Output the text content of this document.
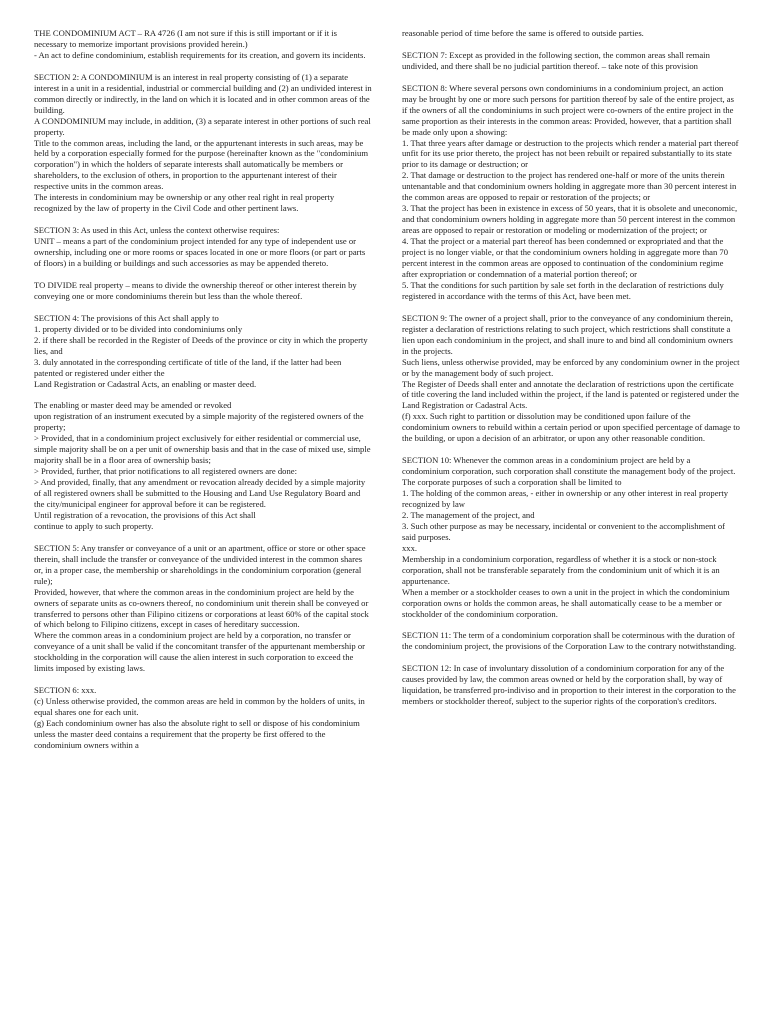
THE CONDOMINIUM ACT – RA 4726 (I am not sure if this is still important or if it is necessary to memorize important provisions provided herein.)
- An act to define condominium, establish requirements for its creation, and govern its incidents.

SECTION 2: A CONDOMINIUM is an interest in real property consisting of (1) a separate interest in a unit in a residential, industrial or commercial building and (2) an undivided interest in common directly or indirectly, in the land on which it is located and in other common areas of the building.
A CONDOMINIUM may include, in addition, (3) a separate interest in other portions of such real property.
Title to the common areas, including the land, or the appurtenant interests in such areas, may be held by a corporation especially formed for the purpose (hereinafter known as the "condominium corporation") in which the holders of separate interests shall automatically be members or shareholders, to the exclusion of others, in proportion to the appurtenant interest of their respective units in the common areas.
The interests in condominium may be ownership or any other real right in real property recognized by the law of property in the Civil Code and other pertinent laws.

SECTION 3: As used in this Act, unless the context otherwise requires:
UNIT – means a part of the condominium project intended for any type of independent use or ownership, including one or more rooms or spaces located in one or more floors (or part or parts of floors) in a building or buildings and such accessories as may be appended thereto.

TO DIVIDE real property – means to divide the ownership thereof or other interest therein by conveying one or more condominiums therein but less than the whole thereof.

SECTION 4: The provisions of this Act shall apply to
1. property divided or to be divided into condominiums only
2. if there shall be recorded in the Register of Deeds of the province or city in which the property lies, and
3. duly annotated in the corresponding certificate of title of the land, if the latter had been patented or registered under either the
Land Registration or Cadastral Acts, an enabling or master deed.

The enabling or master deed may be amended or revoked
upon registration of an instrument executed by a simple majority of the registered owners of the property;
> Provided, that in a condominium project exclusively for either residential or commercial use, simple majority shall be on a per unit of ownership basis and that in the case of mixed use, simple majority shall be in a floor area of ownership basis;
> Provided, further, that prior notifications to all registered owners are done:
> And provided, finally, that any amendment or revocation already decided by a simple majority of all registered owners shall be submitted to the Housing and Land Use Regulatory Board and the city/municipal engineer for approval before it can be registered.
Until registration of a revocation, the provisions of this Act shall
continue to apply to such property.

SECTION 5: Any transfer or conveyance of a unit or an apartment, office or store or other space therein, shall include the transfer or conveyance of the undivided interest in the common shares or, in a proper case, the membership or shareholdings in the condominium corporation (general rule);
Provided, however, that where the common areas in the condominium project are held by the owners of separate units as co-owners thereof, no condominium unit therein shall be conveyed or transferred to persons other than Filipino citizens or corporations at least 60% of the capital stock of which belong to Filipino citizens, except in cases of hereditary succession.
Where the common areas in a condominium project are held by a corporation, no transfer or conveyance of a unit shall be valid if the concomitant transfer of the appurtenant membership or stockholding in the corporation will cause the alien interest in such corporation to exceed the limits imposed by existing laws.

SECTION 6: xxx.
(c) Unless otherwise provided, the common areas are held in common by the holders of units, in equal shares one for each unit.
(g) Each condominium owner has also the absolute right to sell or dispose of his condominium unless the master deed contains a requirement that the property be first offered to the condominium owners within a
reasonable period of time before the same is offered to outside parties.

SECTION 7: Except as provided in the following section, the common areas shall remain undivided, and there shall be no judicial partition thereof. – take note of this provision

SECTION 8: Where several persons own condominiums in a condominium project, an action may be brought by one or more such persons for partition thereof by sale of the entire project, as if the owners of all the condominiums in such project were co-owners of the entire project in the same proportion as their interests in the common areas: Provided, however, that a partition shall be made only upon a showing:
1. That three years after damage or destruction to the projects which render a material part thereof unfit for its use prior thereto, the project has not been rebuilt or repaired substantially to its state prior to its damage or destruction; or
2. That damage or destruction to the project has rendered one-half or more of the units therein untenantable and that condominium owners holding in aggregate more than 30 percent interest in the common areas are opposed to repair or restoration of the projects; or
3. That the project has been in existence in excess of 50 years, that it is obsolete and uneconomic, and that condominium owners holding in aggregate more than 50 percent interest in the common areas are opposed to repair or restoration or modeling or modernization of the project; or
4. That the project or a material part thereof has been condemned or expropriated and that the project is no longer viable, or that the condominium owners holding in aggregate more than 70 percent interest in the common areas are opposed to continuation of the condominium regime after expropriation or condemnation of a material portion thereof; or
5. That the conditions for such partition by sale set forth in the declaration of restrictions duly registered in accordance with the terms of this Act, have been met.

SECTION 9: The owner of a project shall, prior to the conveyance of any condominium therein, register a declaration of restrictions relating to such project, which restrictions shall constitute a lien upon each condominium in the project, and shall inure to and bind all condominium owners in the projects.
Such liens, unless otherwise provided, may be enforced by any condominium owner in the project or by the management body of such project.
The Register of Deeds shall enter and annotate the declaration of restrictions upon the certificate of title covering the land included within the project, if the land is patented or registered under the
Land Registration or Cadastral Acts.
(f) xxx. Such right to partition or dissolution may be conditioned upon failure of the condominium owners to rebuild within a certain period or upon specified percentage of damage to the building, or upon a decision of an arbitrator, or upon any other reasonable condition.

SECTION 10: Whenever the common areas in a condominium project are held by a condominium corporation, such corporation shall constitute the management body of the project.
The corporate purposes of such a corporation shall be limited to
1. The holding of the common areas, - either in ownership or any other interest in real property recognized by law
2. The management of the project, and
3. Such other purpose as may be necessary, incidental or convenient to the accomplishment of said purposes.
xxx.
Membership in a condominium corporation, regardless of whether it is a stock or non-stock corporation, shall not be transferable separately from the condominium unit of which it is an appurtenance.
When a member or a stockholder ceases to own a unit in the project in which the condominium corporation owns or holds the common areas, he shall automatically cease to be a member or stockholder of the condominium corporation.

SECTION 11: The term of a condominium corporation shall be coterminous with the duration of the condominium project, the provisions of the Corporation Law to the contrary notwithstanding.

SECTION 12: In case of involuntary dissolution of a condominium corporation for any of the causes provided by law, the common areas owned or held by the corporation shall, by way of liquidation, be transferred pro-indiviso and in proportion to their interest in the corporation to the members or stockholder thereof, subject to the superior rights of the corporation's creditors.
